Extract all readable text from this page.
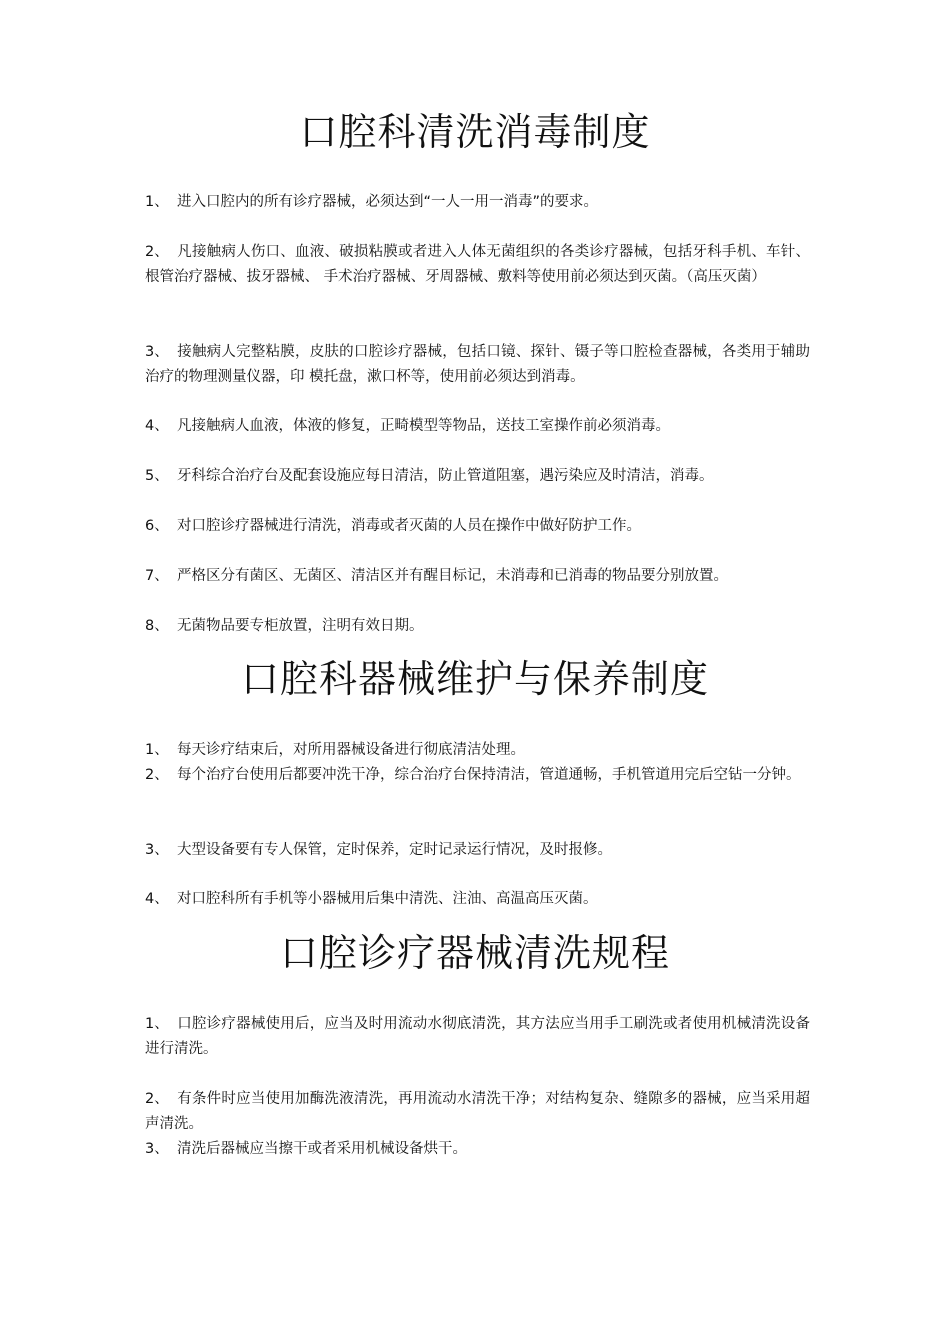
口腔科清洗消毒制度

1、 进入口腔内的所有诊疗器械，必须达到“一人一用一消毒”的要求。

2、 凡接触病人伤口、血液、破损粘膜或者进入人体无菌组织的各类诊疗器械，包括牙科手机、车针、根管治疗器械、拔牙器械、 手术治疗器械、牙周器械、敷料等使用前必须达到灭菌。（高压灭菌）

3、 接触病人完整粘膜，皮肤的口腔诊疗器械，包括口镜、探针、镊子等口腔检查器械，各类用于辅助治疗的物理测量仪器，印 模托盘，漱口杯等，使用前必须达到消毒。

4、 凡接触病人血液，体液的修复，正畸模型等物品，送技工室操作前必须消毒。

5、 牙科综合治疗台及配套设施应每日清洁，防止管道阻塞，遇污染应及时清洁，消毒。

6、 对口腔诊疗器械进行清洗，消毒或者灭菌的人员在操作中做好防护工作。

7、 严格区分有菌区、无菌区、清洁区并有醒目标记，未消毒和已消毒的物品要分别放置。

8、 无菌物品要专柜放置，注明有效日期。

口腔科器械维护与保养制度

1、 每天诊疗结束后，对所用器械设备进行彻底清洁处理。

2、 每个治疗台使用后都要冲洗干净，综合治疗台保持清洁，管道通畅，手机管道用完后空钻一分钟。

3、 大型设备要有专人保管，定时保养，定时记录运行情况，及时报修。

4、 对口腔科所有手机等小器械用后集中清洗、注油、高温高压灭菌。

口腔诊疗器械清洗规程

1、 口腔诊疗器械使用后，应当及时用流动水彻底清洗，其方法应当用手工刷洗或者使用机械清洗设备进行清洗。

2、 有条件时应当使用加酶洗液清洗，再用流动水清洗干净；对结构复杂、缝隙多的器械，应当采用超声清洗。

3、 清洗后器械应当擦干或者采用机械设备烘干。
